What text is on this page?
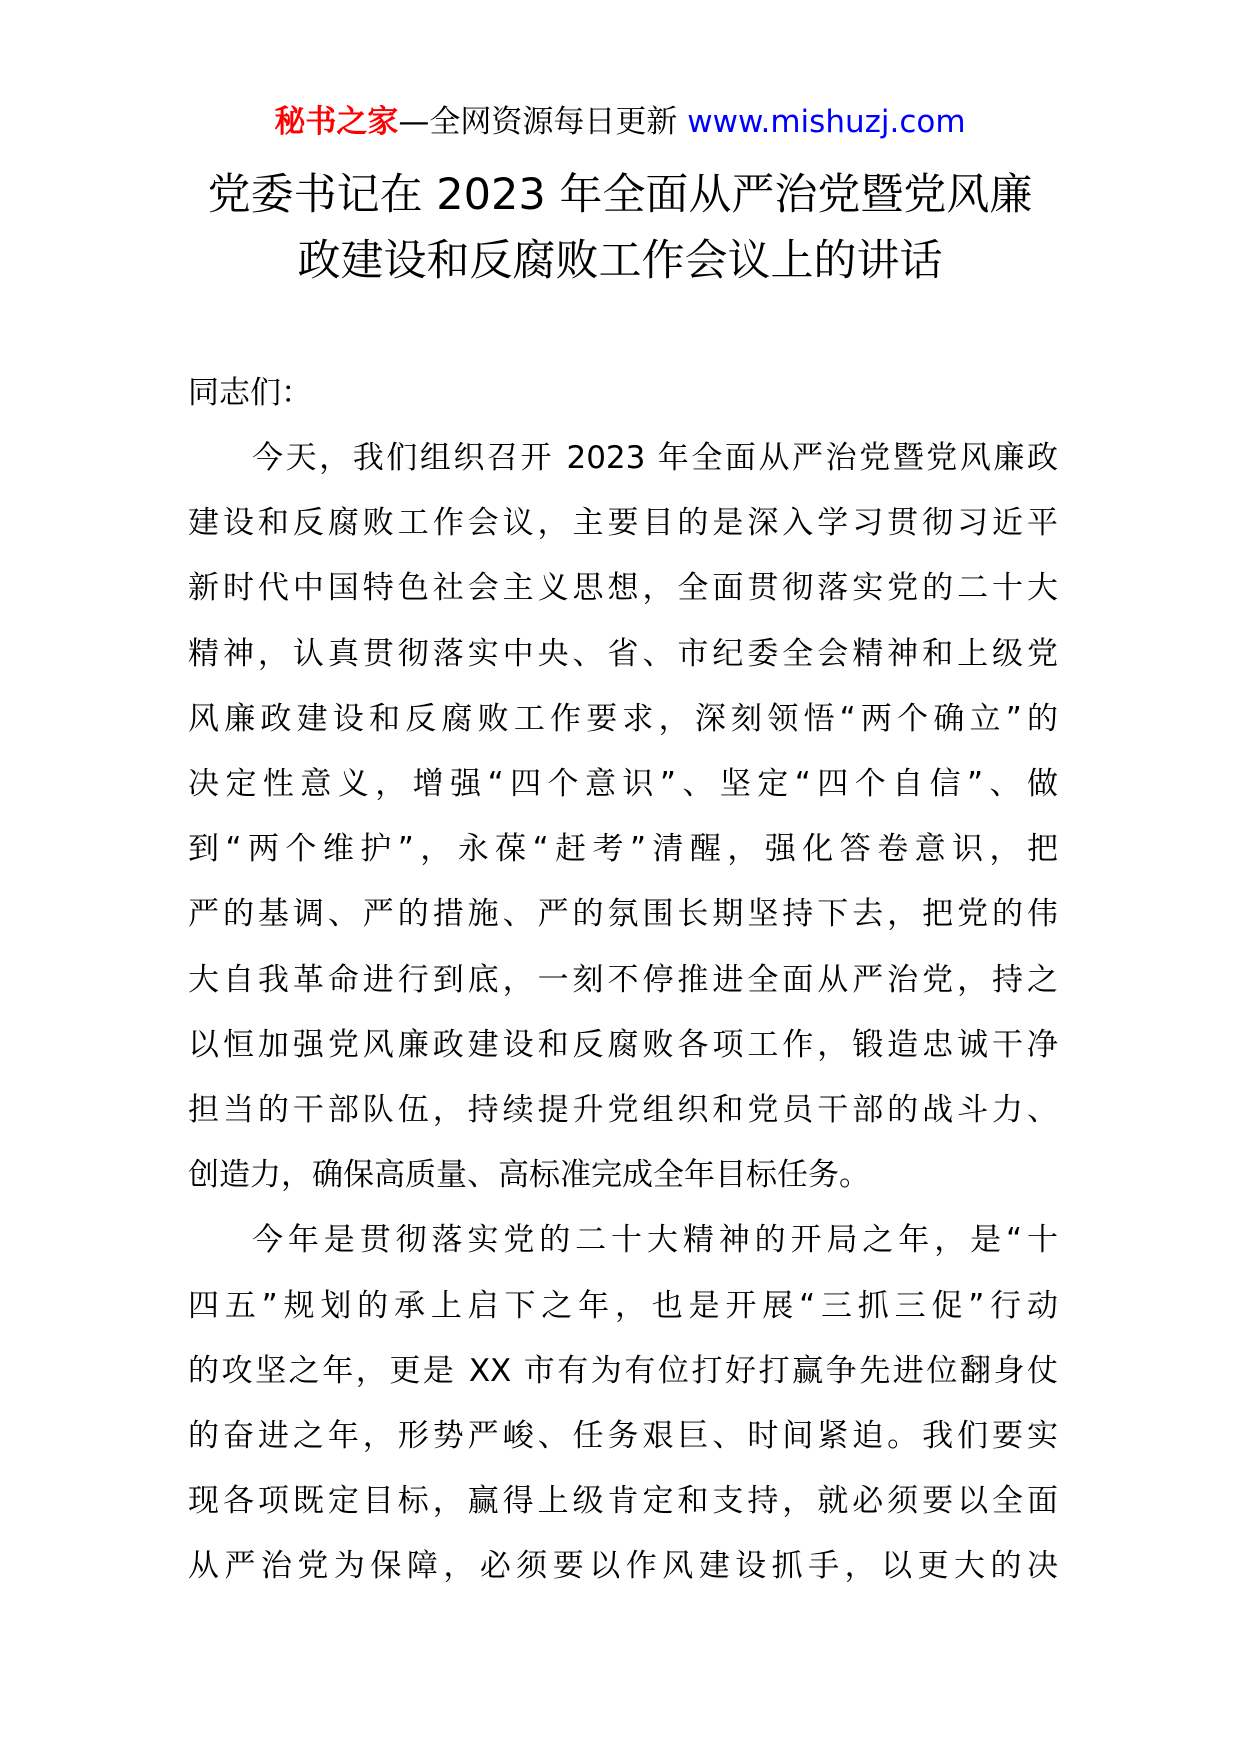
秘书之家—全网资源每日更新 www.mishuzj.com
党委书记在 2023 年全面从严治党暨党风廉
政建设和反腐败工作会议上的讲话

同志们：

今天，我们组织召开 2023 年全面从严治党暨党风廉政
建设和反腐败工作会议，主要目的是深入学习贯彻习近平
新时代中国特色社会主义思想，全面贯彻落实党的二十大
精神，认真贯彻落实中央、省、市纪委全会精神和上级党
风廉政建设和反腐败工作要求，深刻领悟“两个确立”的
决定性意义，增强“四个意识”、坚定“四个自信”、做
到“两个维护”，永葆“赶考”清醒，强化答卷意识，把
严的基调、严的措施、严的氛围长期坚持下去，把党的伟
大自我革命进行到底，一刻不停推进全面从严治党，持之
以恒加强党风廉政建设和反腐败各项工作，锻造忠诚干净
担当的干部队伍，持续提升党组织和党员干部的战斗力、
创造力，确保高质量、高标准完成全年目标任务。

今年是贯彻落实党的二十大精神的开局之年，是“十
四五”规划的承上启下之年，也是开展“三抓三促”行动
的攻坚之年，更是 XX 市有为有位打好打赢争先进位翻身仗
的奋进之年，形势严峻、任务艰巨、时间紧迫。我们要实
现各项既定目标，赢得上级肯定和支持，就必须要以全面
从严治党为保障，必须要以作风建设抓手，以更大的决
